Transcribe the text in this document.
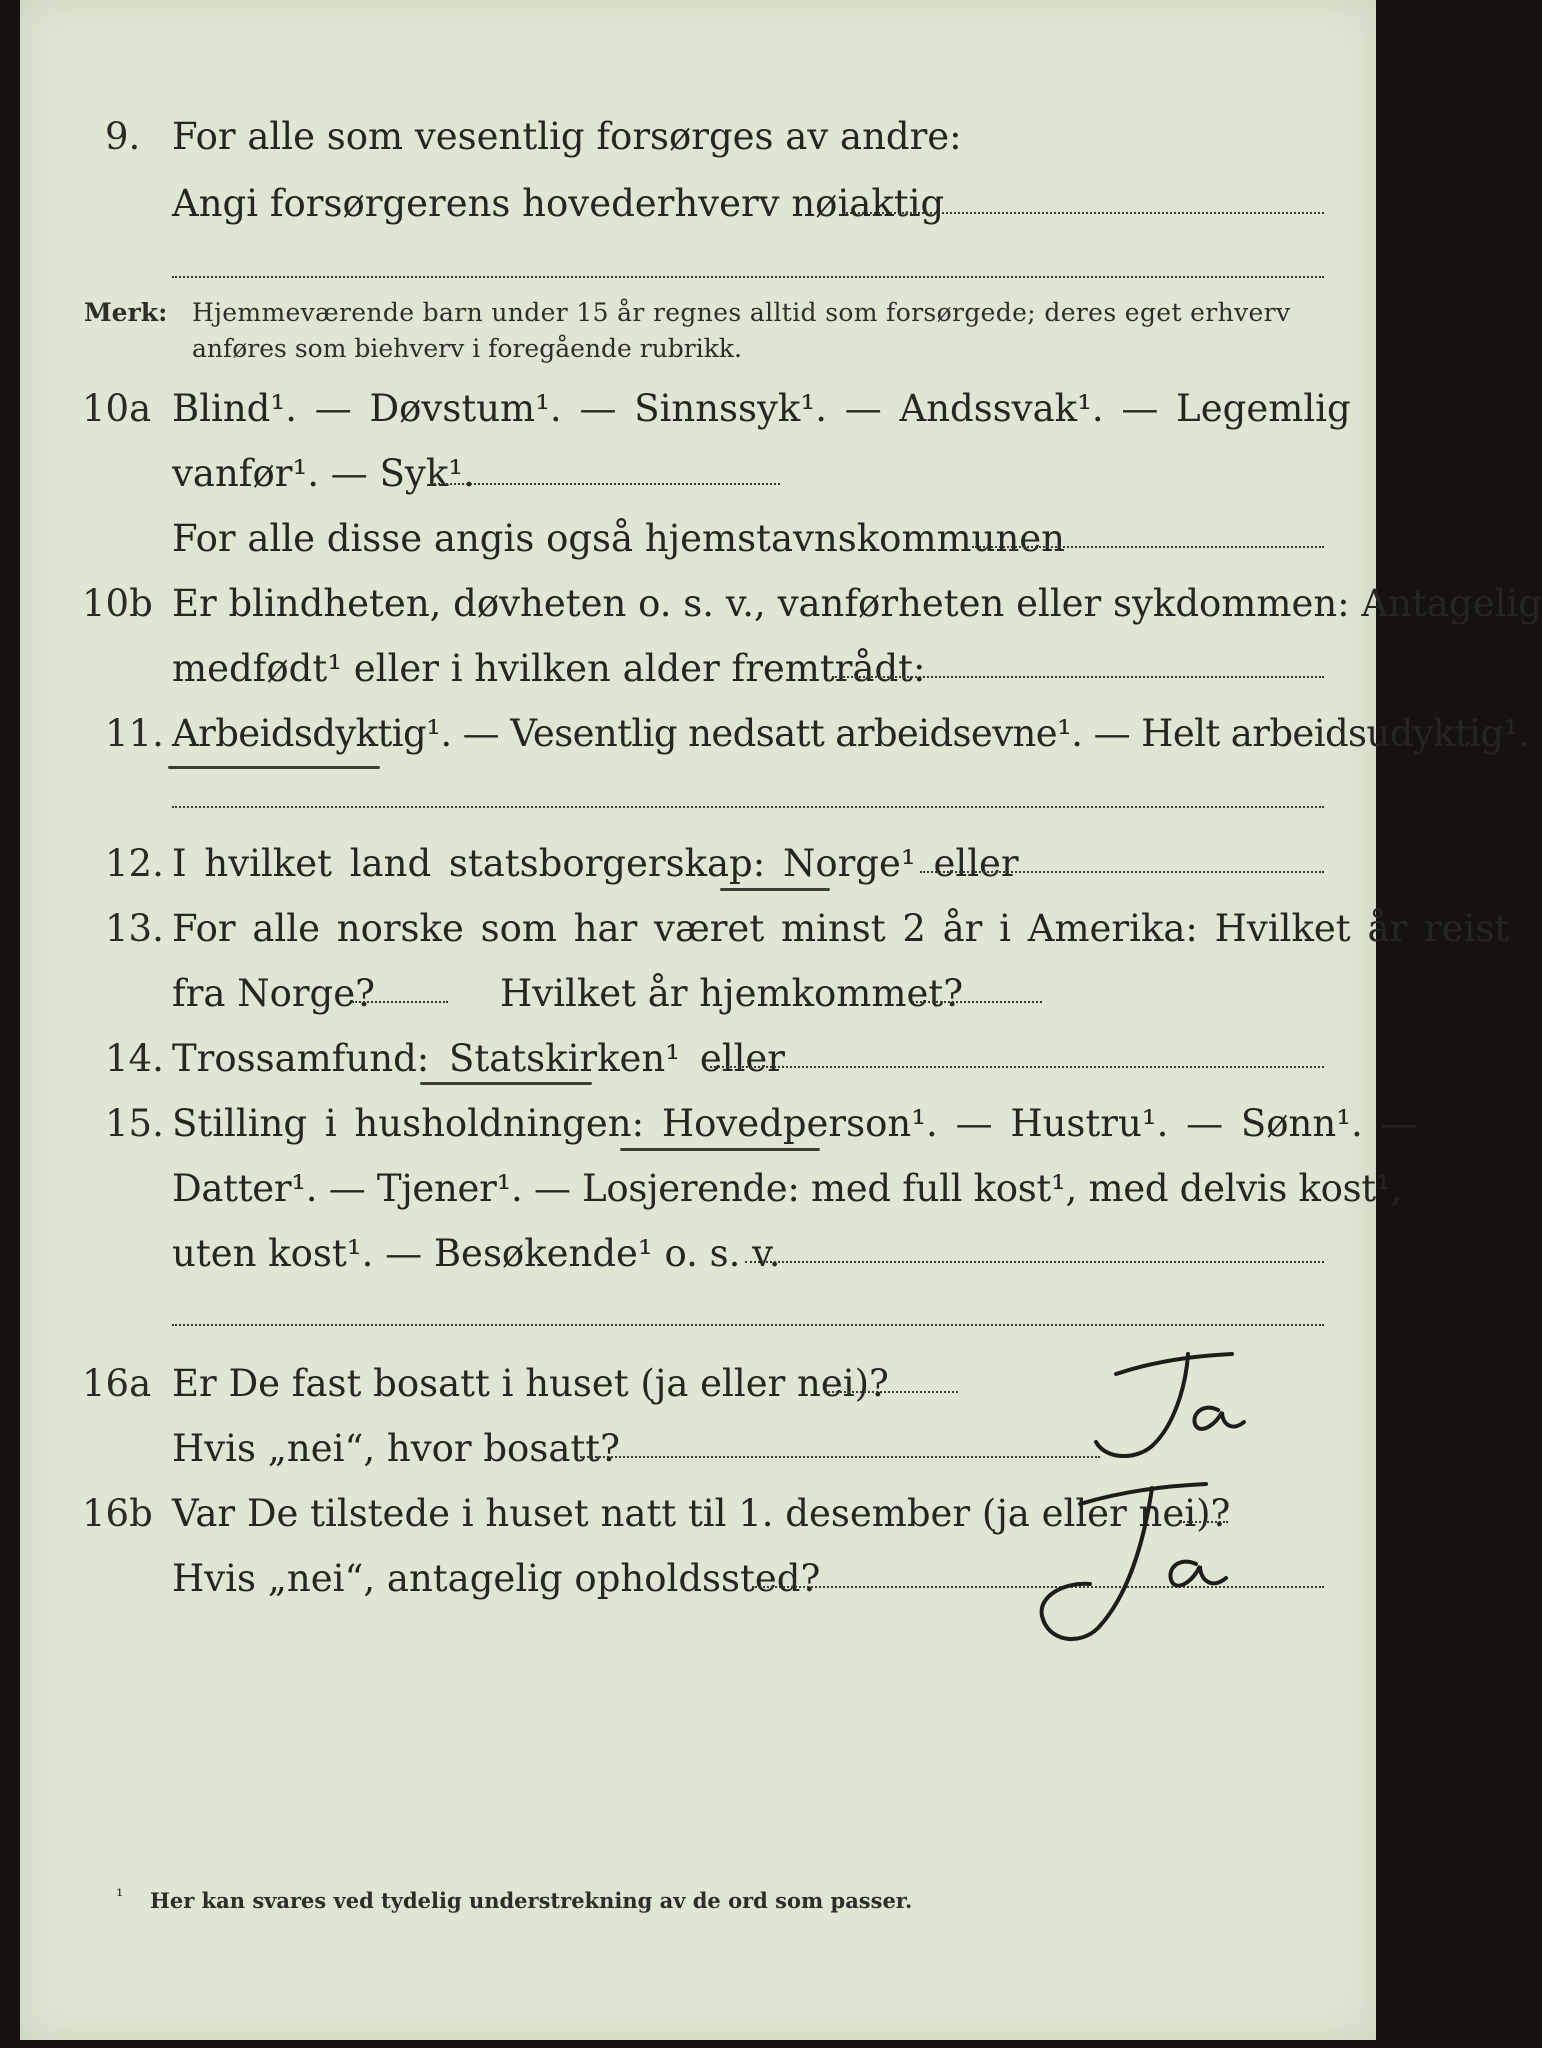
9. For alle som vesentlig forsørges av andre:
Angi forsørgerens hovederhverv nøiaktig
Merk: Hjemmeværende barn under 15 år regnes alltid som forsørgede; deres eget erhverv
anføres som biehverv i foregående rubrikk.
10a Blind¹. — Døvstum¹. — Sinnssyk¹. — Andssvak¹. — Legemlig
vanfør¹. — Syk¹.
For alle disse angis også hjemstavnskommunen
10b Er blindheten, døvheten o. s. v., vanførheten eller sykdommen: Antagelig
medfødt¹ eller i hvilken alder fremtrådt:
11. Arbeidsdyktig¹. — Vesentlig nedsatt arbeidsevne¹. — Helt arbeidsudyktig¹.
12. I hvilket land statsborgerskap: Norge¹ eller
13. For alle norske som har været minst 2 år i Amerika: Hvilket år reist
fra Norge?	Hvilket år hjemkommet?
14. Trossamfund: Statskirken¹ eller
15. Stilling i husholdningen: Hovedperson¹. — Hustru¹. — Sønn¹. —
Datter¹. — Tjener¹. — Losjerende: med full kost¹, med delvis kost¹,
uten kost¹. — Besøkende¹ o. s. v.
16a Er De fast bosatt i huset (ja eller nei)?
Hvis „nei“, hvor bosatt?
16b Var De tilstede i huset natt til 1. desember (ja eller nei)?
Hvis „nei“, antagelig opholdssted?
¹ Her kan svares ved tydelig understrekning av de ord som passer.
